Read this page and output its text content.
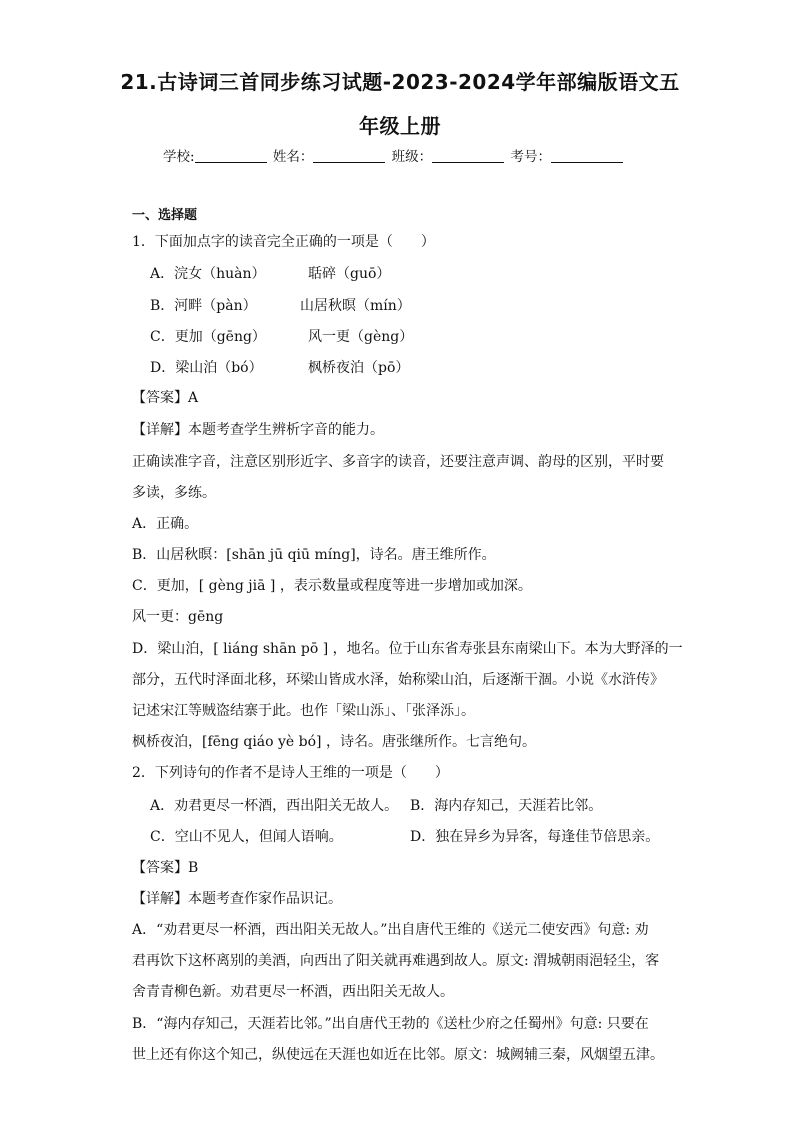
21.古诗词三首同步练习试题-2023-2024学年部编版语文五
年级上册
学校:	姓名：	班级：	考号：
一、选择题
1．下面加点字的读音完全正确的一项是（　　）
A．浣女（huàn）	聒碎（guō）
B．河畔（pàn）	山居秋暝（mín）
C．更加（gēng）	风一更（gèng）
D．梁山泊（bó）	枫桥夜泊（pō）
【答案】A
【详解】本题考查学生辨析字音的能力。
正确读准字音，注意区别形近字、多音字的读音，还要注意声调、韵母的区别，平时要
多读，多练。
A．正确。
B．山居秋暝：[shān jū qiū míng]，诗名。唐王维所作。
C．更加，[ gèng jiā ] ，表示数量或程度等进一步增加或加深。
风一更：gēng
D．梁山泊，[ liáng shān pō ] ，地名。位于山东省寿张县东南梁山下。本为大野泽的一
部分，五代时泽面北移，环梁山皆成水泽，始称梁山泊，后逐渐干涸。小说《水浒传》
记述宋江等贼盗结寨于此。也作「梁山泺」、「张泽泺」。
枫桥夜泊，[fēng qiáo yè bó] ，诗名。唐张继所作。七言绝句。
2．下列诗句的作者不是诗人王维的一项是（　　）
A．劝君更尽一杯酒，西出阳关无故人。 B．海内存知己，天涯若比邻。
C．空山不见人，但闻人语响。	D．独在异乡为异客，每逢佳节倍思亲。
【答案】B
【详解】本题考查作家作品识记。
A．“劝君更尽一杯酒，西出阳关无故人。”出自唐代王维的《送元二使安西》句意: 劝
君再饮下这杯离别的美酒，向西出了阳关就再难遇到故人。原文: 渭城朝雨浥轻尘，客
舍青青柳色新。劝君更尽一杯酒，西出阳关无故人。
B．“海内存知己，天涯若比邻。”出自唐代王勃的《送杜少府之任蜀州》句意: 只要在
世上还有你这个知己，纵使远在天涯也如近在比邻。原文：城阙辅三秦，风烟望五津。
